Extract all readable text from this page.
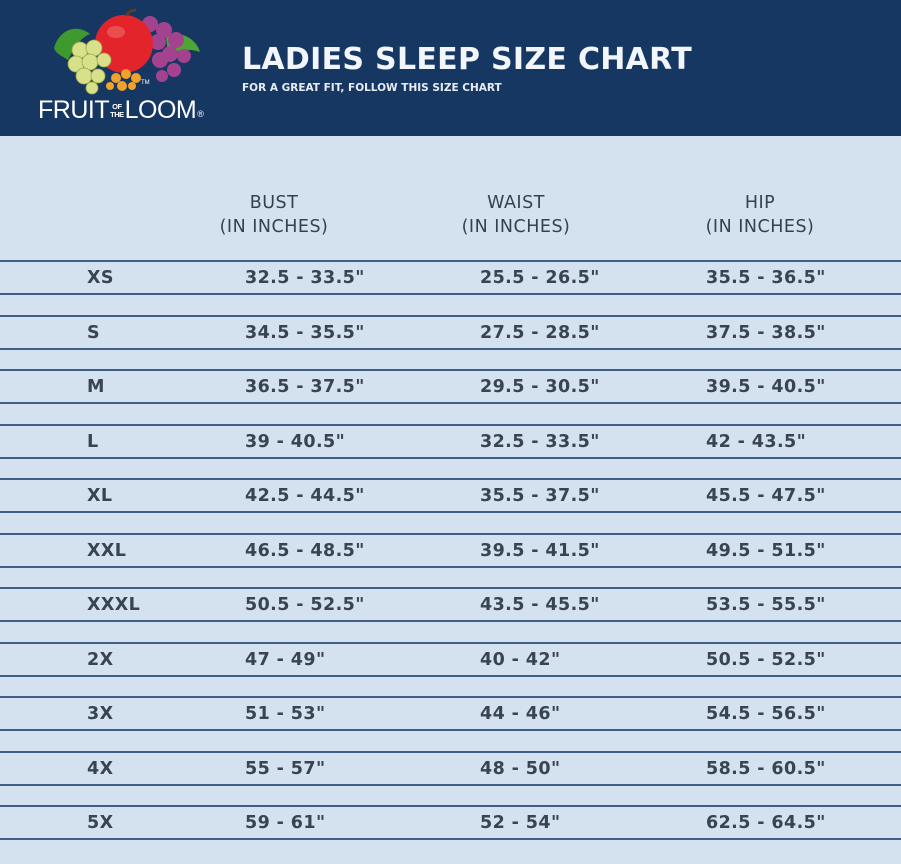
TM
FRUIT OF
THE LOOM ®
LADIES SLEEP SIZE CHART
FOR A GREAT FIT, FOLLOW THIS SIZE CHART
BUST
(IN INCHES)
WAIST
(IN INCHES)
HIP
(IN INCHES)
XS	32.5 - 33.5"	25.5 - 26.5"	35.5 - 36.5"
S	34.5 - 35.5"	27.5 - 28.5"	37.5 - 38.5"
M	36.5 - 37.5"	29.5 - 30.5"	39.5 - 40.5"
L	39 - 40.5"	32.5 - 33.5"	42 - 43.5"
XL	42.5 - 44.5"	35.5 - 37.5"	45.5 - 47.5"
XXL	46.5 - 48.5"	39.5 - 41.5"	49.5 - 51.5"
XXXL	50.5 - 52.5"	43.5 - 45.5"	53.5 - 55.5"
2X	47 - 49"	40 - 42"	50.5 - 52.5"
3X	51 - 53"	44 - 46"	54.5 - 56.5"
4X	55 - 57"	48 - 50"	58.5 - 60.5"
5X	59 - 61"	52 - 54"	62.5 - 64.5"
